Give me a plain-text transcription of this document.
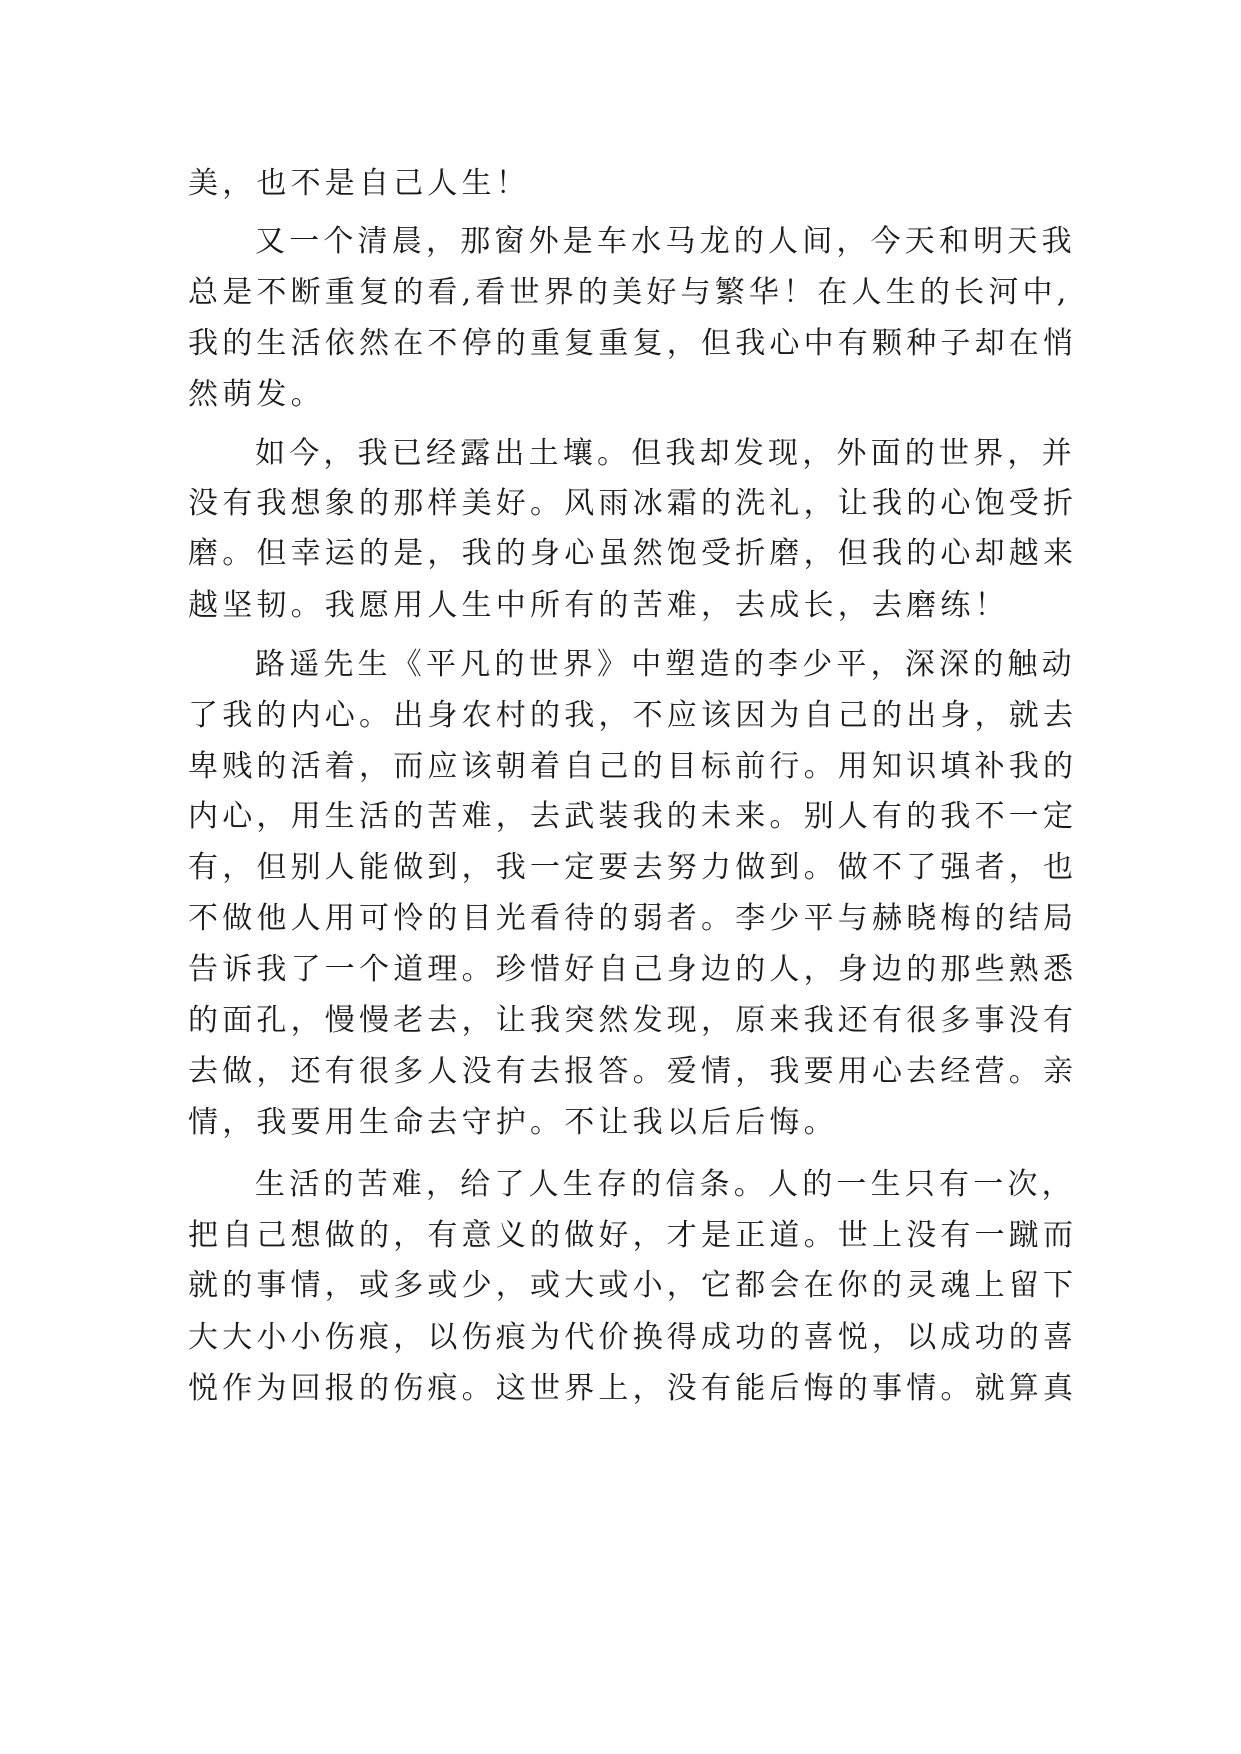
美，也不是自己人生！
又一个清晨，那窗外是车水马龙的人间，今天和明天我
总是不断重复的看,看世界的美好与繁华！在人生的长河中,
我的生活依然在不停的重复重复，但我心中有颗种子却在悄
然萌发。
如今，我已经露出土壤。但我却发现，外面的世界，并
没有我想象的那样美好。风雨冰霜的洗礼，让我的心饱受折
磨。但幸运的是，我的身心虽然饱受折磨，但我的心却越来
越坚韧。我愿用人生中所有的苦难，去成长，去磨练！
路遥先生《平凡的世界》中塑造的李少平，深深的触动
了我的内心。出身农村的我，不应该因为自己的出身，就去
卑贱的活着，而应该朝着自己的目标前行。用知识填补我的
内心，用生活的苦难，去武装我的未来。别人有的我不一定
有，但别人能做到，我一定要去努力做到。做不了强者，也
不做他人用可怜的目光看待的弱者。李少平与赫晓梅的结局
告诉我了一个道理。珍惜好自己身边的人，身边的那些熟悉
的面孔，慢慢老去，让我突然发现，原来我还有很多事没有
去做，还有很多人没有去报答。爱情，我要用心去经营。亲
情，我要用生命去守护。不让我以后后悔。
生活的苦难，给了人生存的信条。人的一生只有一次，
把自己想做的，有意义的做好，才是正道。世上没有一蹴而
就的事情，或多或少，或大或小，它都会在你的灵魂上留下
大大小小伤痕，以伤痕为代价换得成功的喜悦，以成功的喜
悦作为回报的伤痕。这世界上，没有能后悔的事情。就算真
